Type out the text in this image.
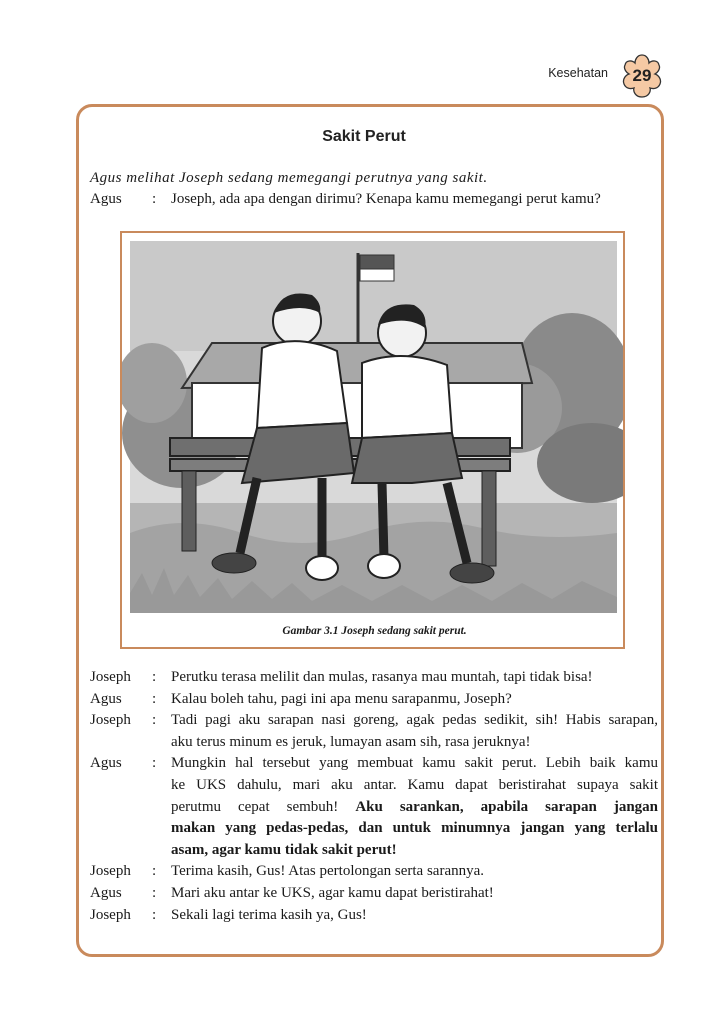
Kesehatan	29
Sakit Perut
Agus melihat Joseph sedang memegangi perutnya yang sakit.
Agus : Joseph, ada apa dengan dirimu? Kenapa kamu memegangi perut kamu?
Gambar 3.1 Joseph sedang sakit perut.
Joseph : Perutku terasa melilit dan mulas, rasanya mau muntah, tapi tidak bisa!
Agus : Kalau boleh tahu, pagi ini apa menu sarapanmu, Joseph?
Joseph : Tadi pagi aku sarapan nasi goreng, agak pedas sedikit, sih! Habis sarapan,
aku terus minum es jeruk, lumayan asam sih, rasa jeruknya!
Agus : Mungkin hal tersebut yang membuat kamu sakit perut. Lebih baik kamu
ke UKS dahulu, mari aku antar. Kamu dapat beristirahat supaya sakit
perutmu cepat sembuh! Aku sarankan, apabila sarapan jangan
makan yang pedas-pedas, dan untuk minumnya jangan yang terlalu
asam, agar kamu tidak sakit perut!
Joseph : Terima kasih, Gus! Atas pertolongan serta sarannya.
Agus : Mari aku antar ke UKS, agar kamu dapat beristirahat!
Joseph : Sekali lagi terima kasih ya, Gus!
